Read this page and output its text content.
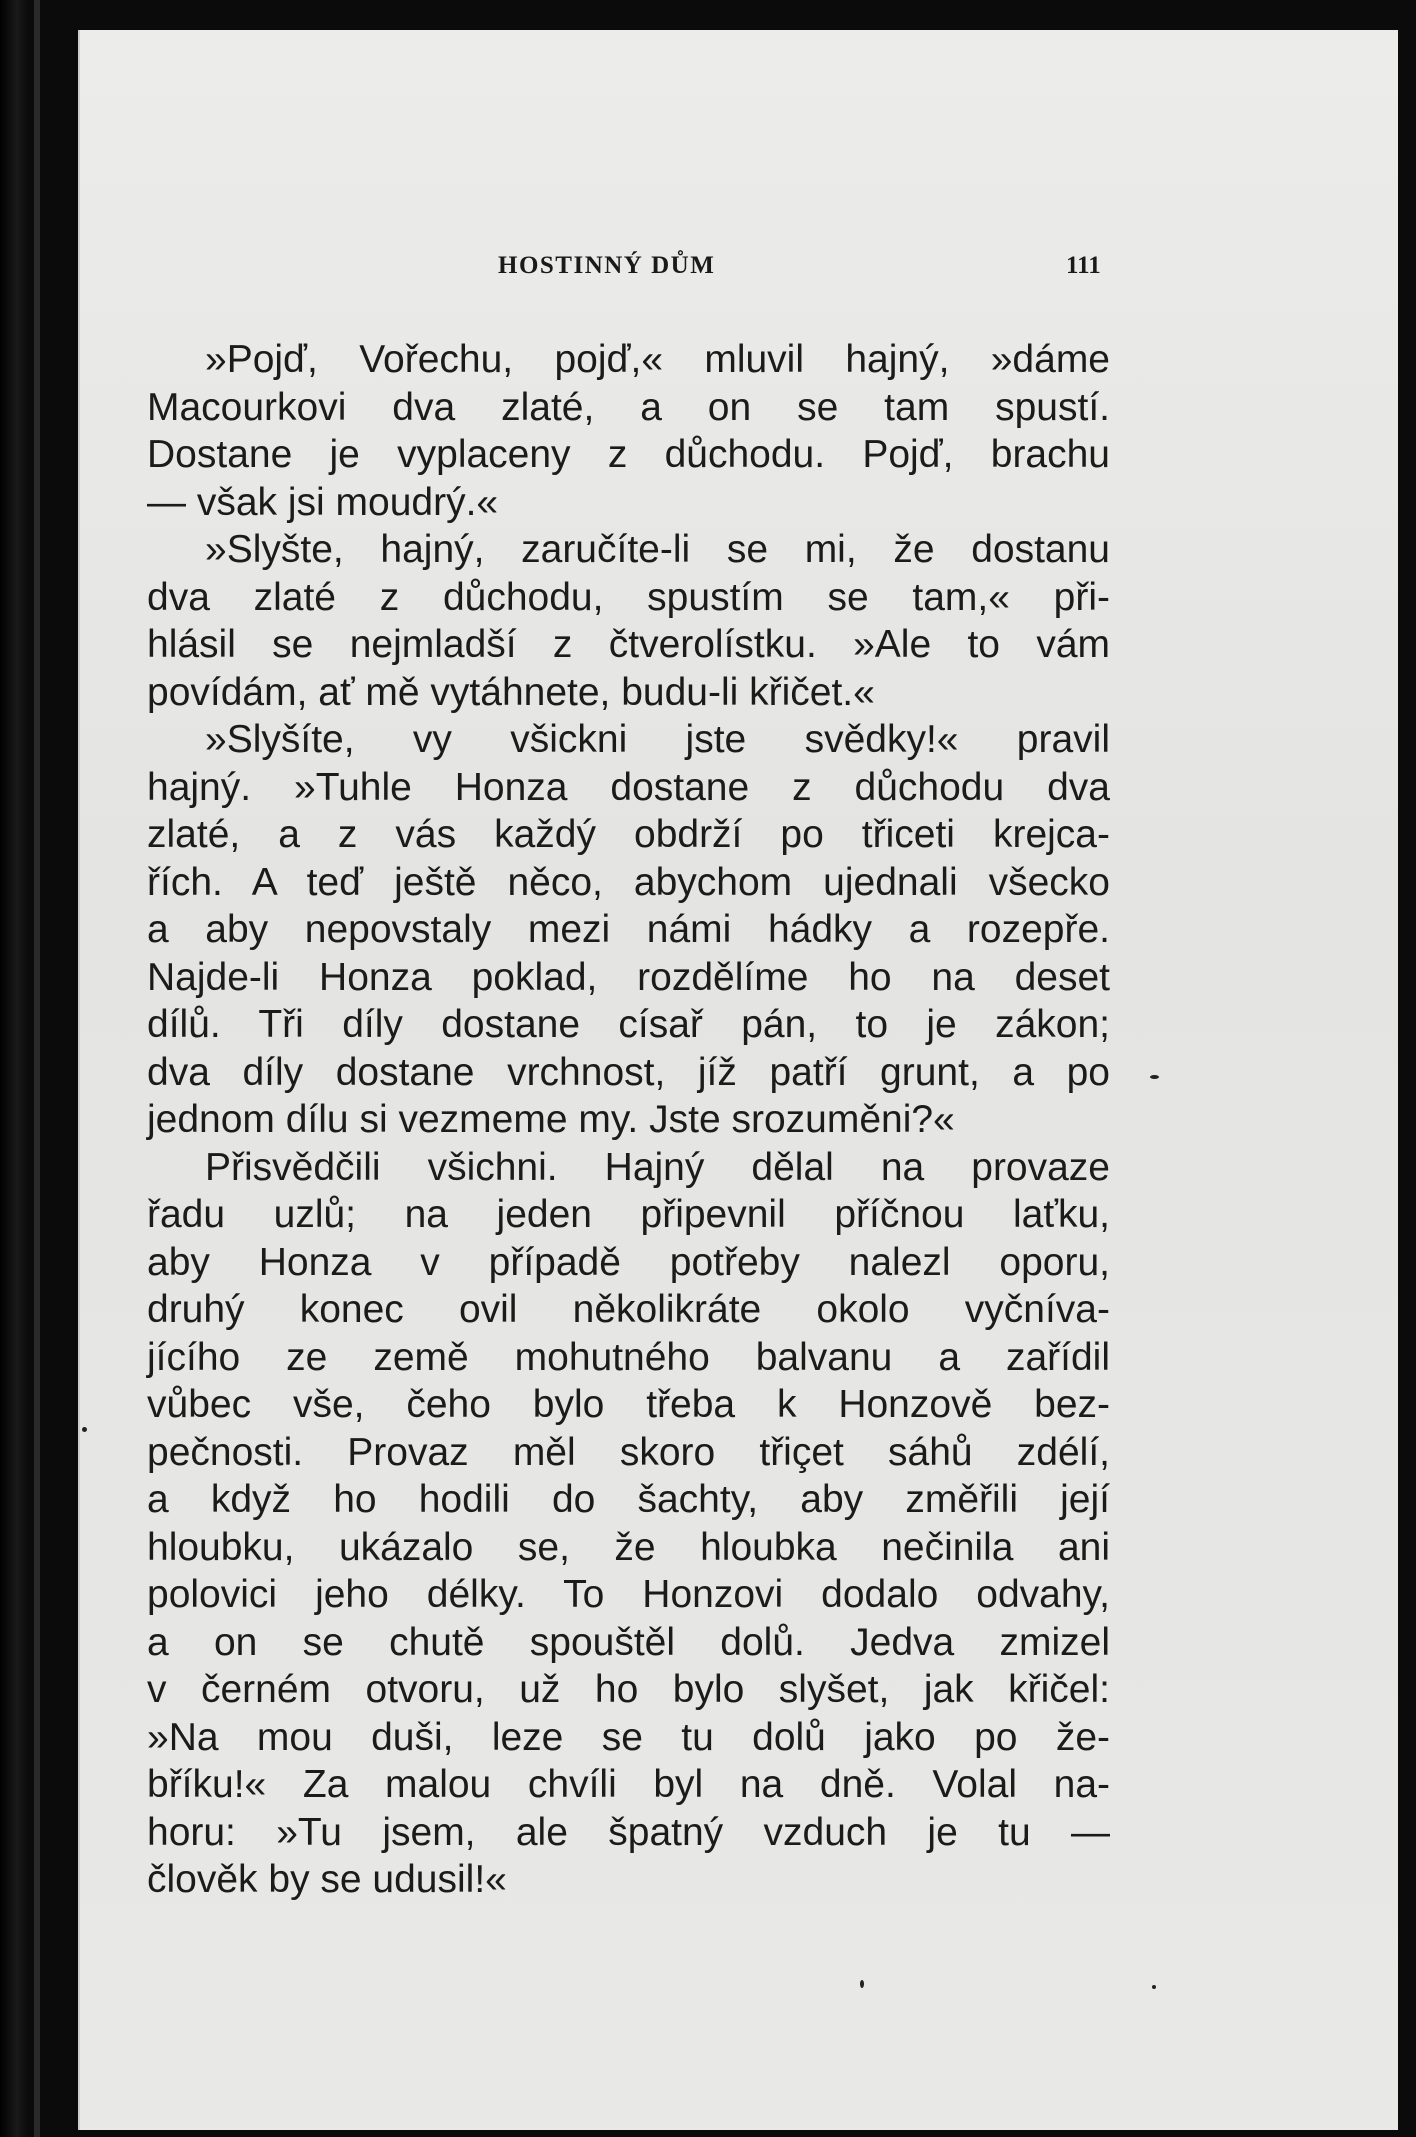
HOSTINNÝ DŮM	111
»Pojď, Vořechu, pojď,« mluvil hajný, »dáme
Macourkovi dva zlaté, a on se tam spustí.
Dostane je vyplaceny z důchodu. Pojď, brachu
— však jsi moudrý.«
»Slyšte, hajný, zaručíte-li se mi, že dostanu
dva zlaté z důchodu, spustím se tam,« při-
hlásil se nejmladší z čtverolístku. »Ale to vám
povídám, ať mě vytáhnete, budu-li křičet.«
»Slyšíte, vy všickni jste svědky!« pravil
hajný. »Tuhle Honza dostane z důchodu dva
zlaté, a z vás každý obdrží po třiceti krejca-
řích. A teď ještě něco, abychom ujednali všecko
a aby nepovstaly mezi námi hádky a rozepře.
Najde-li Honza poklad, rozdělíme ho na deset
dílů. Tři díly dostane císař pán, to je zákon;
dva díly dostane vrchnost, jíž patří grunt, a po
jednom dílu si vezmeme my. Jste srozuměni?«
Přisvědčili všichni. Hajný dělal na provaze
řadu uzlů; na jeden připevnil příčnou laťku,
aby Honza v případě potřeby nalezl oporu,
druhý konec ovil několikráte okolo vyčníva-
jícího ze země mohutného balvanu a zařídil
vůbec vše, čeho bylo třeba k Honzově bez-
pečnosti. Provaz měl skoro třiçet sáhů zdélí,
a když ho hodili do šachty, aby změřili její
hloubku, ukázalo se, že hloubka nečinila ani
polovici jeho délky. To Honzovi dodalo odvahy,
a on se chutě spouštěl dolů. Jedva zmizel
v černém otvoru, už ho bylo slyšet, jak křičel:
»Na mou duši, leze se tu dolů jako po že-
bříku!« Za malou chvíli byl na dně. Volal na-
horu: »Tu jsem, ale špatný vzduch je tu —
člověk by se udusil!«
